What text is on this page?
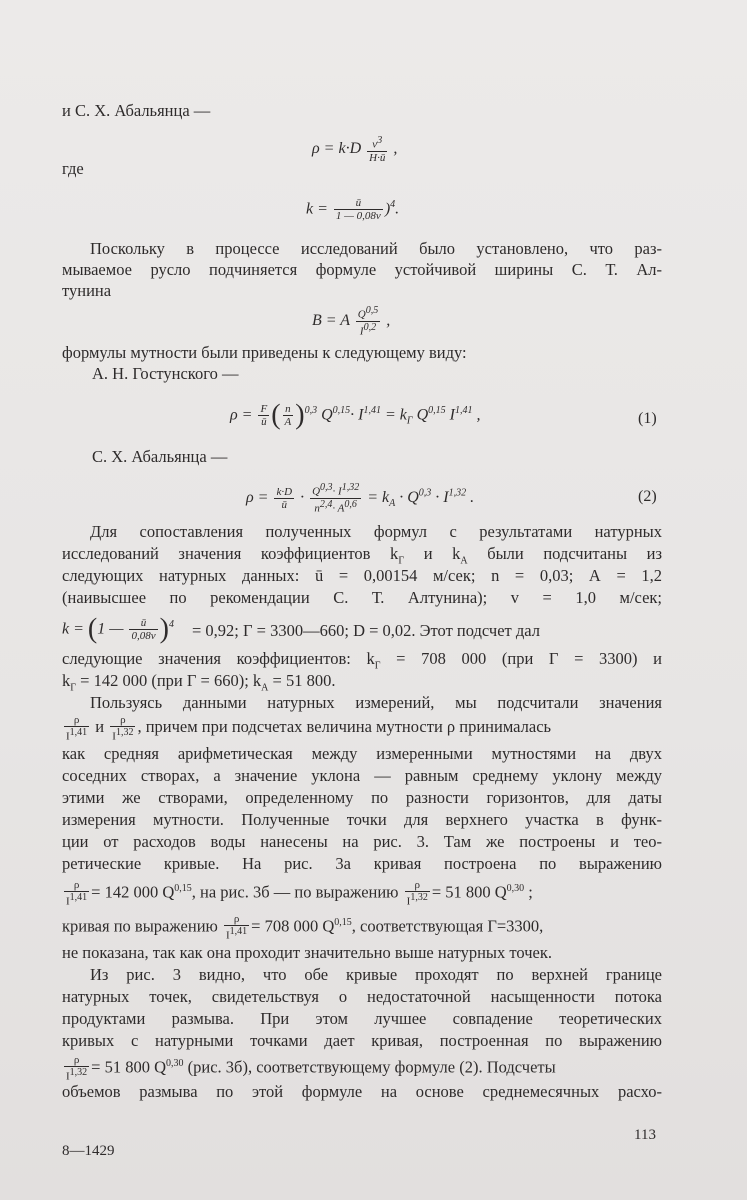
и С. Х. Абальянца —
$\rho = k\cdot D \frac{v^3}{H\cdot ū}$ ,
где
$k = \frac{ū}{1 — 0,08v} )^4$.
Поскольку в процессе исследований было установлено, что раз-
мываемое русло подчиняется формуле устойчивой ширины С. Т. Ал-
тунина
B = A $\frac{Q^{0,5}}{I^{0,2}}$ ,
формулы мутности были приведены к следующему виду:
А. Н. Гостунского —
$\rho = \frac{F}{ū}$ ( $\frac{n}{A} )^{0,3}$ $Q^{0,15}\cdot I^{1,41} = k_Г$ Q$^{0,15}$ I$^{1,41}$ ,	(1)
С. Х. Абальянца —
$\rho = \frac{k\cdot D}{ū} \cdot \frac{Q^{0,3}\cdot I^{1,32}}{n^{2,4}\cdot A^{0,6}} = k_A \cdot Q^{0,3} \cdot I^{1,32}$ .	(2)
Для сопоставления полученных формул с результатами натурных
исследований значения коэффициентов $k_Г$ и $k_A$ были подсчитаны из
следующих натурных данных: ū = 0,00154 м/сек; n = 0,03; А = 1,2
(наивысшее по рекомендации С. Т. Алтунина); v = 1,0 м/сек;
k = (1 — $\frac{ū}{0,08v} )^4 = 0,92$; Г = 3300—660; D = 0,02. Этот подсчет дал
следующие значения коэффициентов: $k_Г = 708$ 000 (при Г = 3300) и
$k_Г = 142$ 000 (при Г = 660); $k_A = 51$ 800.
Пользуясь данными натурных измерений, мы подсчитали значения
$\frac{\rho}{I^{1,41}}$ и $\frac{\rho}{I^{1,32}}$ , причем при подсчетах величина мутности ρ принималась
как средняя арифметическая между измеренными мутностями на двух
соседних створах, а значение уклона — равным среднему уклону между
этими же створами, определенному по разности горизонтов, для даты
измерения мутности. Полученные точки для верхнего участка в функ-
ции от расходов воды нанесены на рис. 3. Там же построены и тео-
ретические кривые. На рис. 3а кривая построена по выражению
$\frac{\rho}{I^{1,41}} = 142$ 000 Q$^{0,15}$, на рис. 3б — по выражению $\frac{\rho}{I^{1,32}} = 51$ 800 Q$^{0,30}$ ;
кривая по выражению $\frac{\rho}{I^{1,41}} = 708$ 000 Q$^{0,15}$, соответствующая Г=3300,
не показана, так как она проходит значительно выше натурных точек.
Из рис. 3 видно, что обе кривые проходят по верхней границе
натурных точек, свидетельствуя о недостаточной насыщенности потока
продуктами размыва. При этом лучшее совпадение теоретических
кривых с натурными точками дает кривая, построенная по выражению
$\frac{\rho}{I^{1,32}} = 51$ 800 Q$^{0,30}$ (рис. 3б), соответствующему формуле (2). Подсчеты
объемов размыва по этой формуле на основе среднемесячных расхо-
8—1429
113
